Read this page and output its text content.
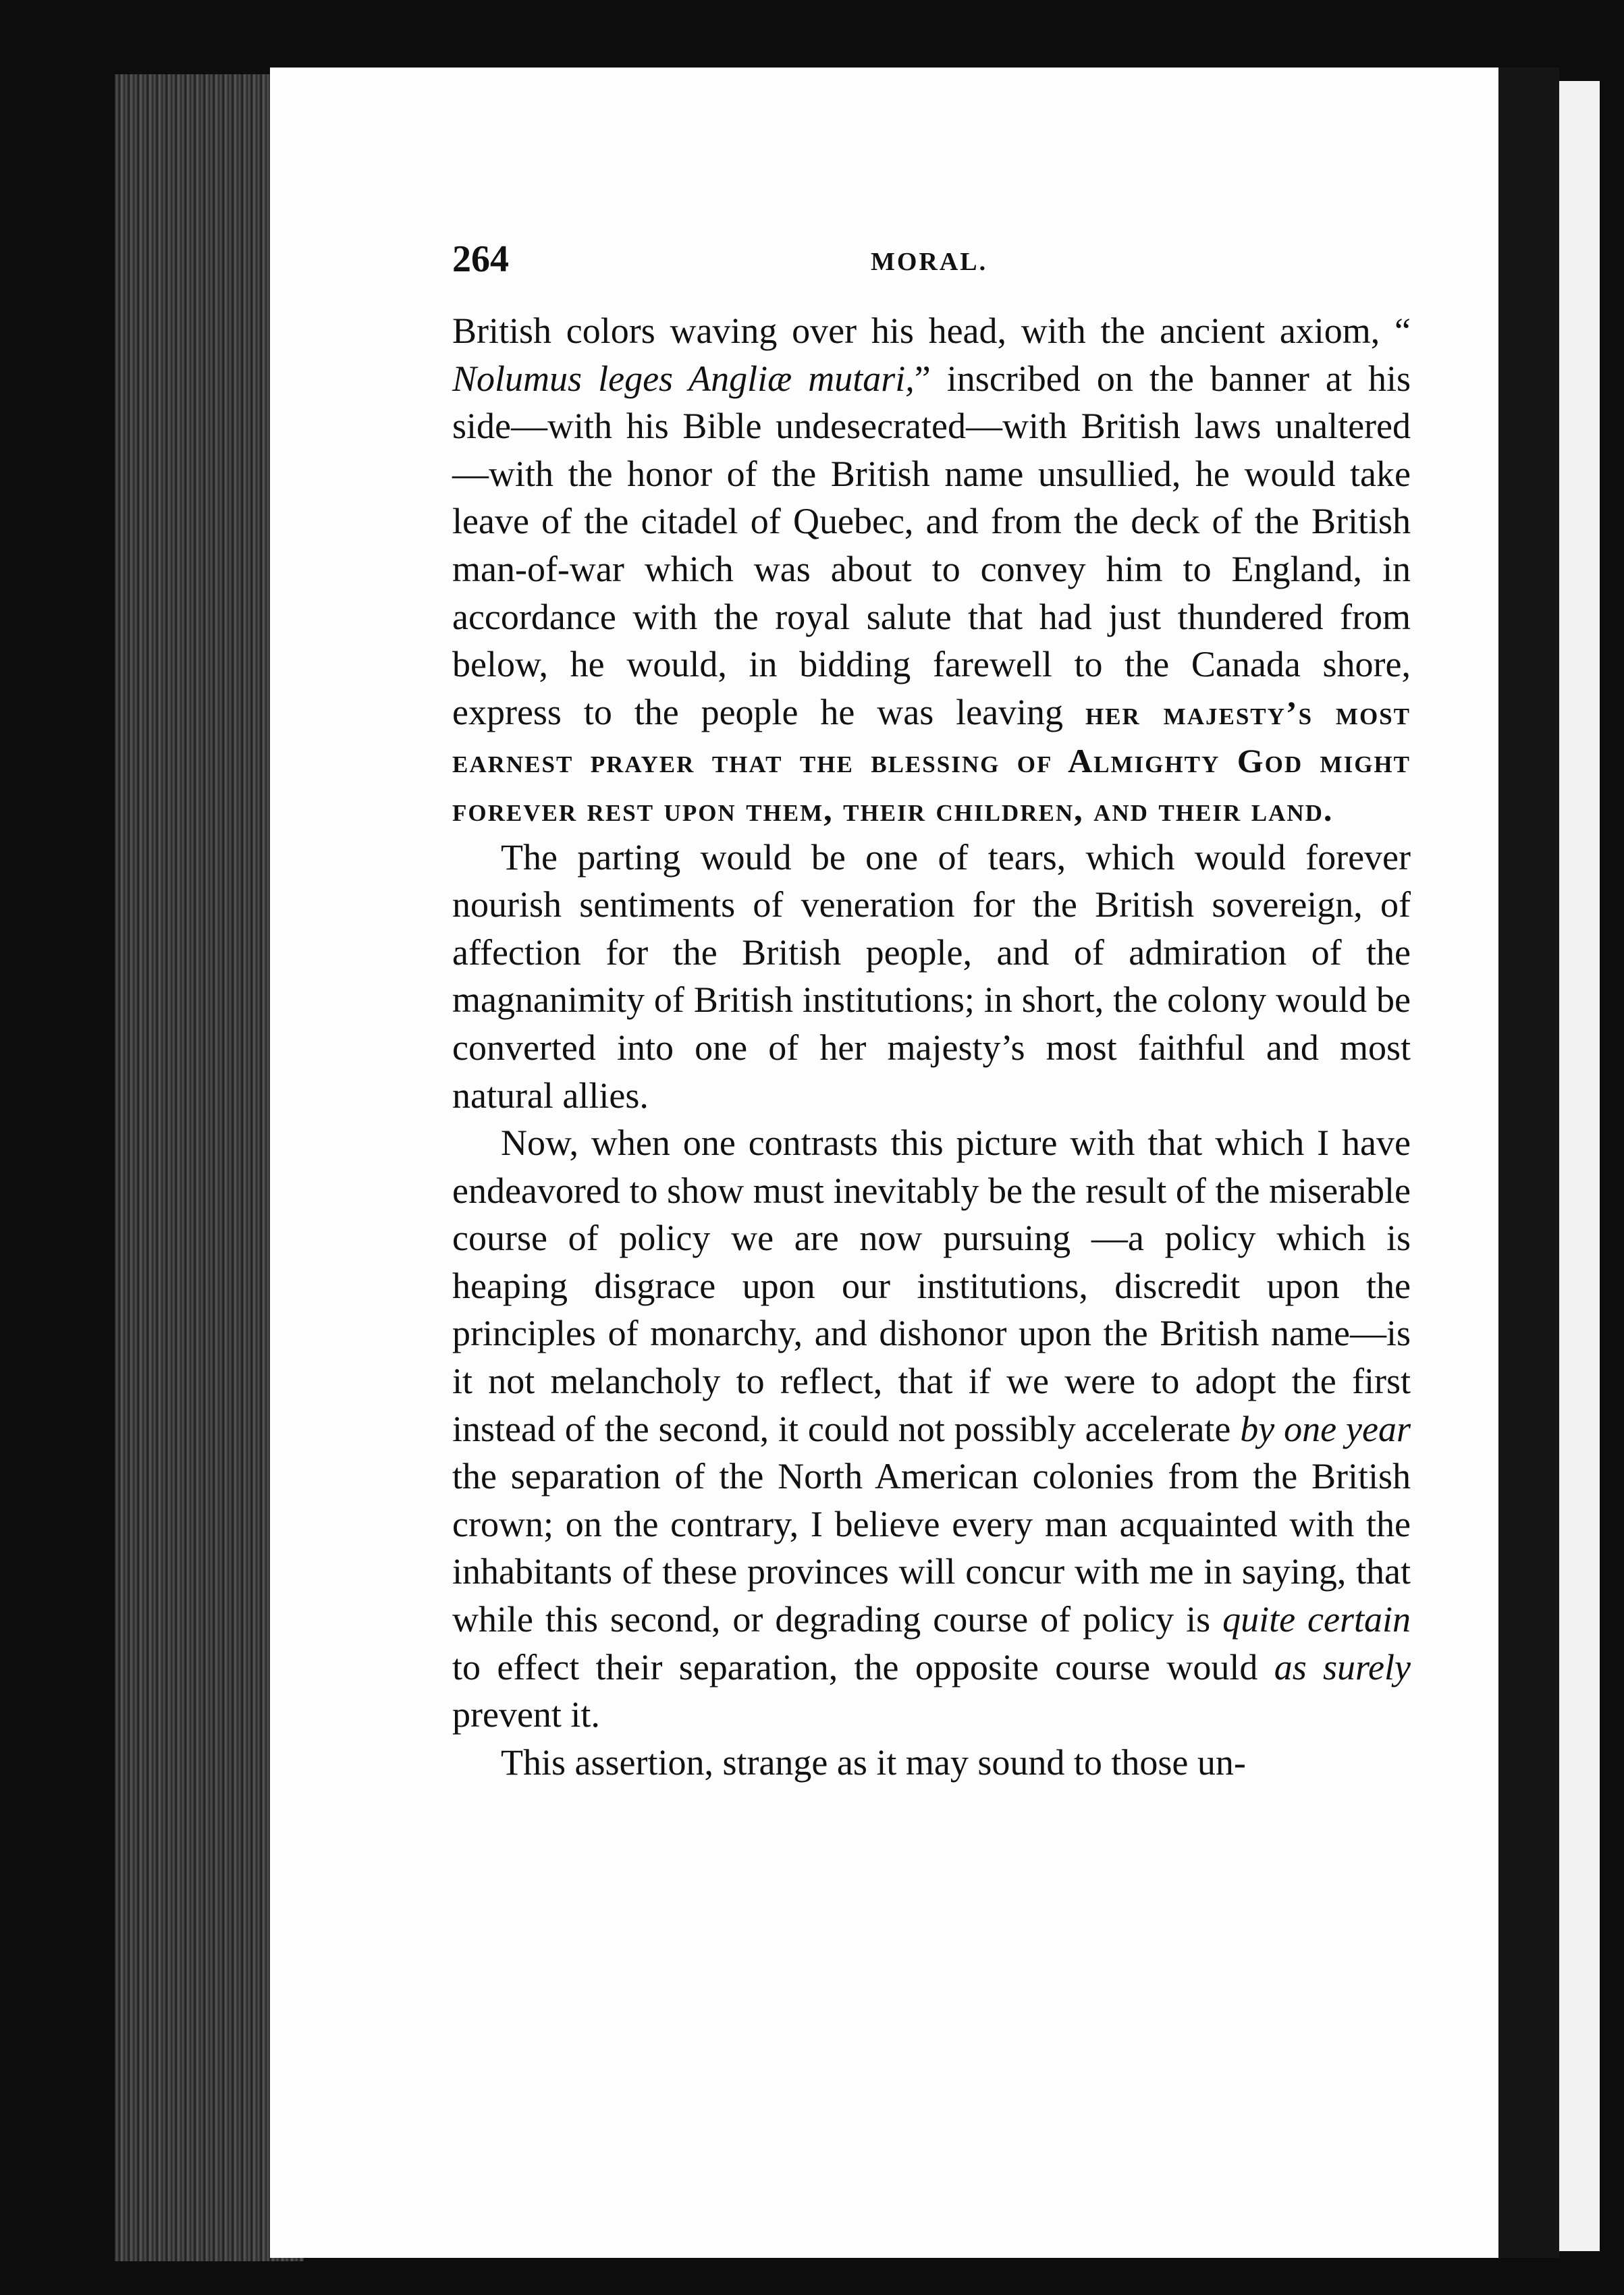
264	MORAL.

British colors waving over his head, with the ancient axiom, “ Nolumus leges Angliæ mutari,” inscribed on the banner at his side—with his Bible undesecrated—with British laws unaltered—with the honor of the British name unsullied, he would take leave of the citadel of Quebec, and from the deck of the British man-of-war which was about to convey him to England, in accordance with the royal salute that had just thundered from below, he would, in bidding farewell to the Canada shore, express to the people he was leaving her majesty’s most earnest prayer that the blessing of Almighty God might forever rest upon them, their children, and their land.

The parting would be one of tears, which would forever nourish sentiments of veneration for the British sovereign, of affection for the British people, and of admiration of the magnanimity of British institutions; in short, the colony would be converted into one of her majesty’s most faithful and most natural allies.

Now, when one contrasts this picture with that which I have endeavored to show must inevitably be the result of the miserable course of policy we are now pursuing —a policy which is heaping disgrace upon our institutions, discredit upon the principles of monarchy, and dishonor upon the British name—is it not melancholy to reflect, that if we were to adopt the first instead of the second, it could not possibly accelerate by one year the separation of the North American colonies from the British crown; on the contrary, I believe every man acquainted with the inhabitants of these provinces will concur with me in saying, that while this second, or degrading course of policy is quite certain to effect their separation, the opposite course would as surely prevent it.

This assertion, strange as it may sound to those un-
